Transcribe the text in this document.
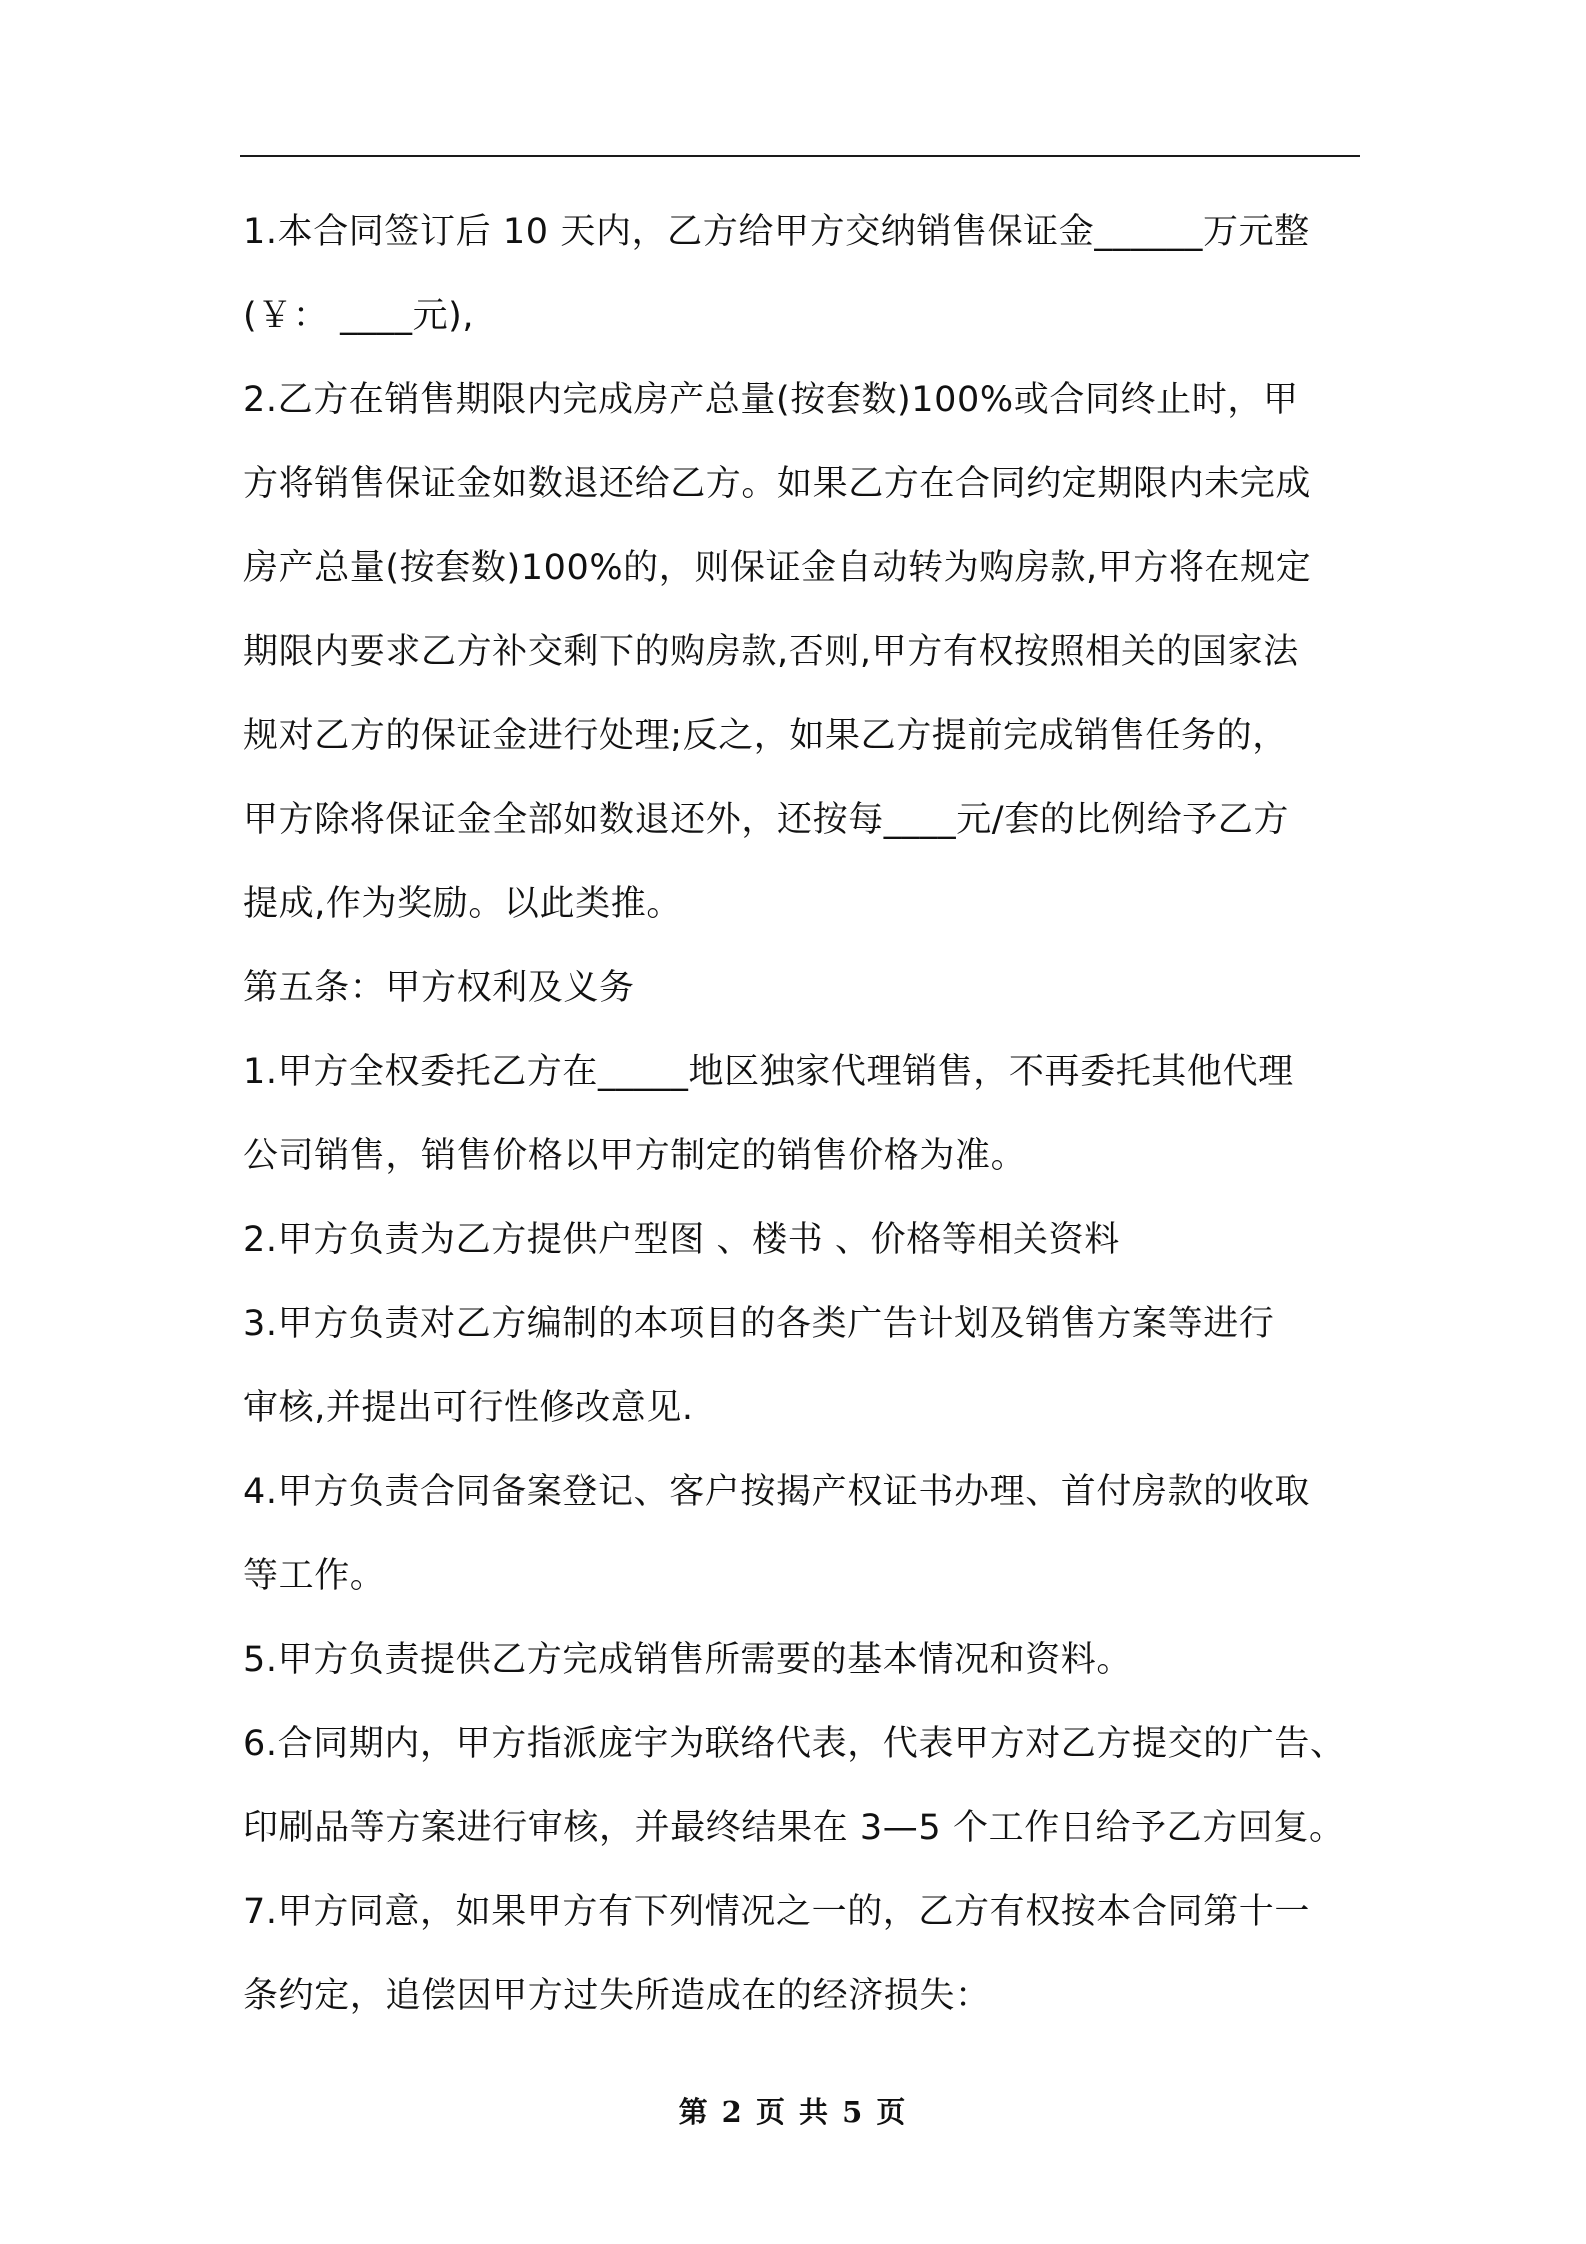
1.本合同签订后 10 天内，乙方给甲方交纳销售保证金______万元整
(￥： ____元),
2.乙方在销售期限内完成房产总量(按套数)100%或合同终止时，甲
方将销售保证金如数退还给乙方。如果乙方在合同约定期限内未完成
房产总量(按套数)100%的，则保证金自动转为购房款,甲方将在规定
期限内要求乙方补交剩下的购房款,否则,甲方有权按照相关的国家法
规对乙方的保证金进行处理;反之，如果乙方提前完成销售任务的，
甲方除将保证金全部如数退还外，还按每____元/套的比例给予乙方
提成,作为奖励。以此类推。
第五条：甲方权利及义务
1.甲方全权委托乙方在_____地区独家代理销售，不再委托其他代理
公司销售，销售价格以甲方制定的销售价格为准。
2.甲方负责为乙方提供户型图 、楼书 、价格等相关资料
3.甲方负责对乙方编制的本项目的各类广告计划及销售方案等进行
审核,并提出可行性修改意见.
4.甲方负责合同备案登记、客户按揭产权证书办理、首付房款的收取
等工作。
5.甲方负责提供乙方完成销售所需要的基本情况和资料。
6.合同期内，甲方指派庞宇为联络代表，代表甲方对乙方提交的广告、
印刷品等方案进行审核，并最终结果在 3—5 个工作日给予乙方回复。
7.甲方同意，如果甲方有下列情况之一的，乙方有权按本合同第十一
条约定，追偿因甲方过失所造成在的经济损失：
第 2 页 共 5 页
